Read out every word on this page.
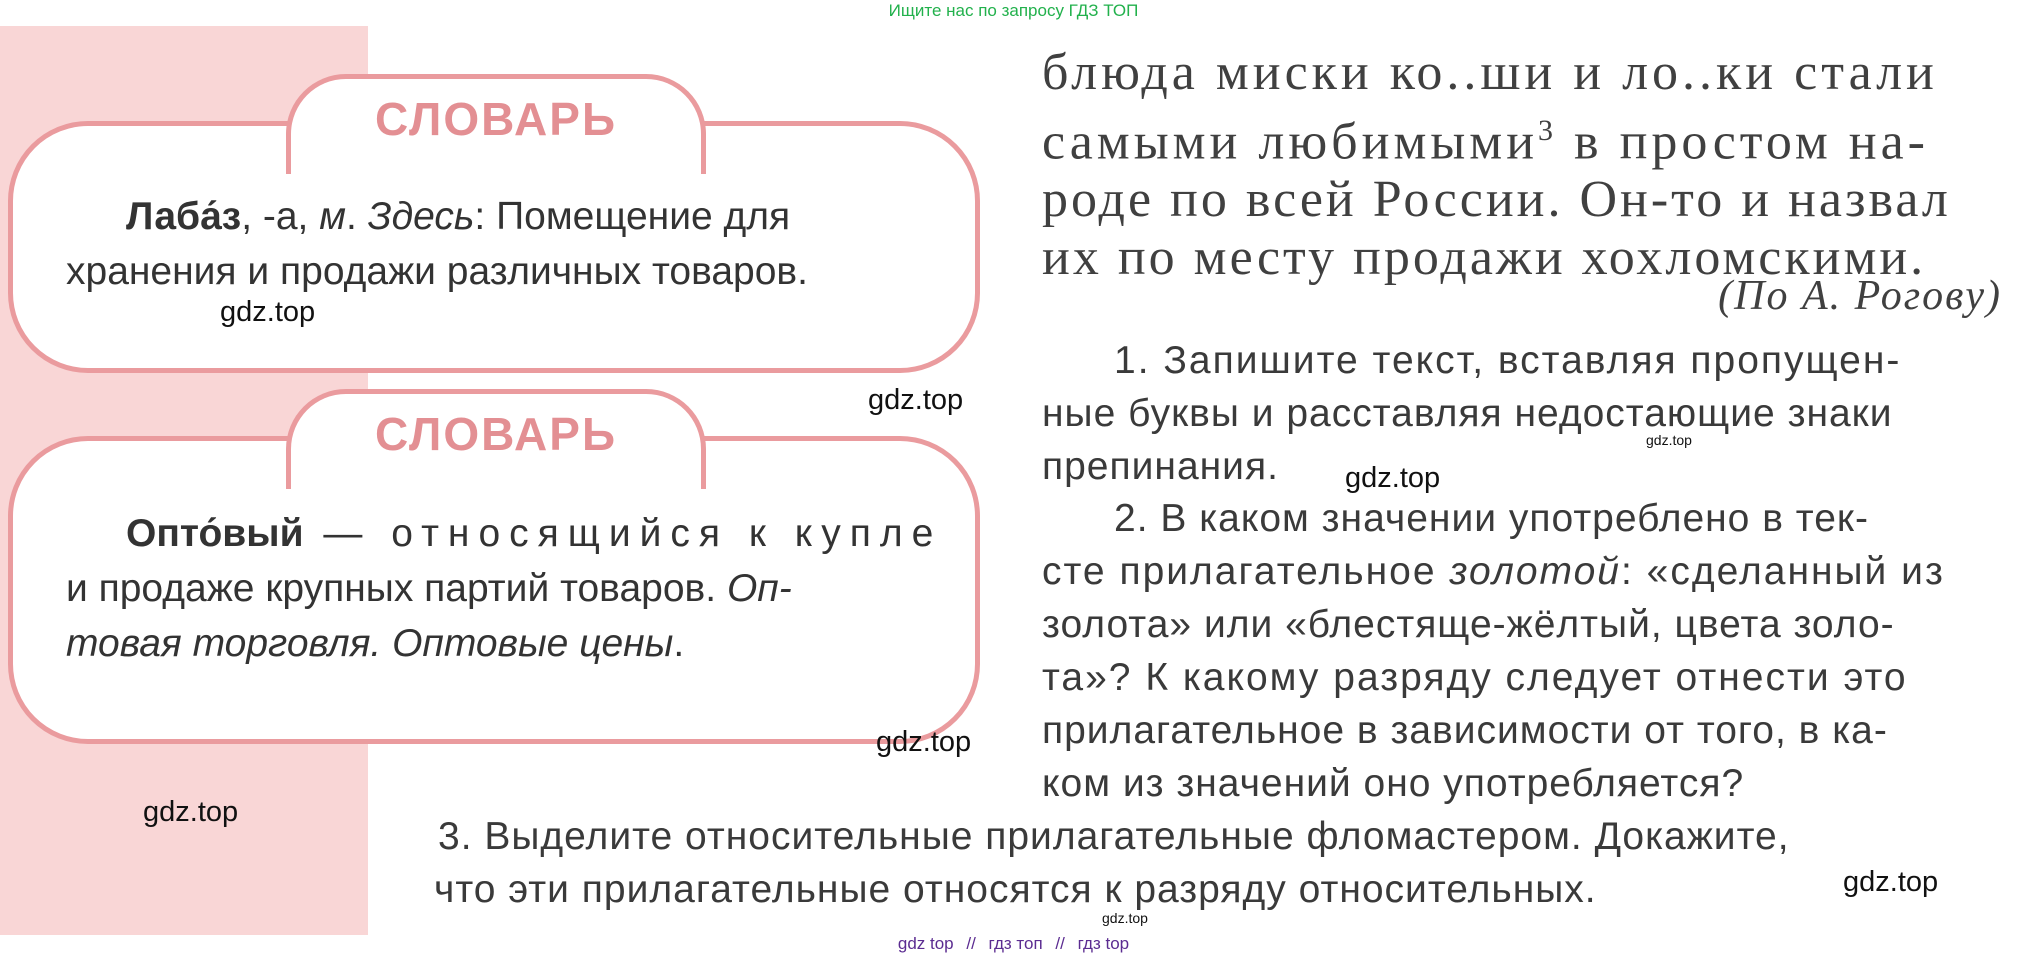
Ищите нас по запросу ГДЗ ТОП
СЛОВАРЬ
Лаба́з, -а, м. Здесь: Помещение для
хранения и продажи различных товаров.
СЛОВАРЬ
Опто́вый — относящийся к купле
и продаже крупных партий товаров. Оп-
товая торговля. Оптовые цены.
блюда миски ко..ши и ло..ки стали
самыми любимыми$^3$ в простом на-
роде по всей России. Он-то и назвал
их по месту продажи хохломскими.
(По А. Рогову)
1. Запишите текст, вставляя пропущен-
ные буквы и расставляя недостающие знаки
препинания.
2. В каком значении употреблено в тек-
сте прилагательное золотой: «сделанный из
золота» или «блестяще-жёлтый, цвета золо-
та»? К какому разряду следует отнести это
прилагательное в зависимости от того, в ка-
ком из значений оно употребляется?
3. Выделите относительные прилагательные фломастером. Докажите,
что эти прилагательные относятся к разряду относительных.
gdz.top
gdz.top
gdz.top
gdz.top
gdz.top
gdz.top
gdz.top
gdz.top
gdz top // гдз топ // гдз top
